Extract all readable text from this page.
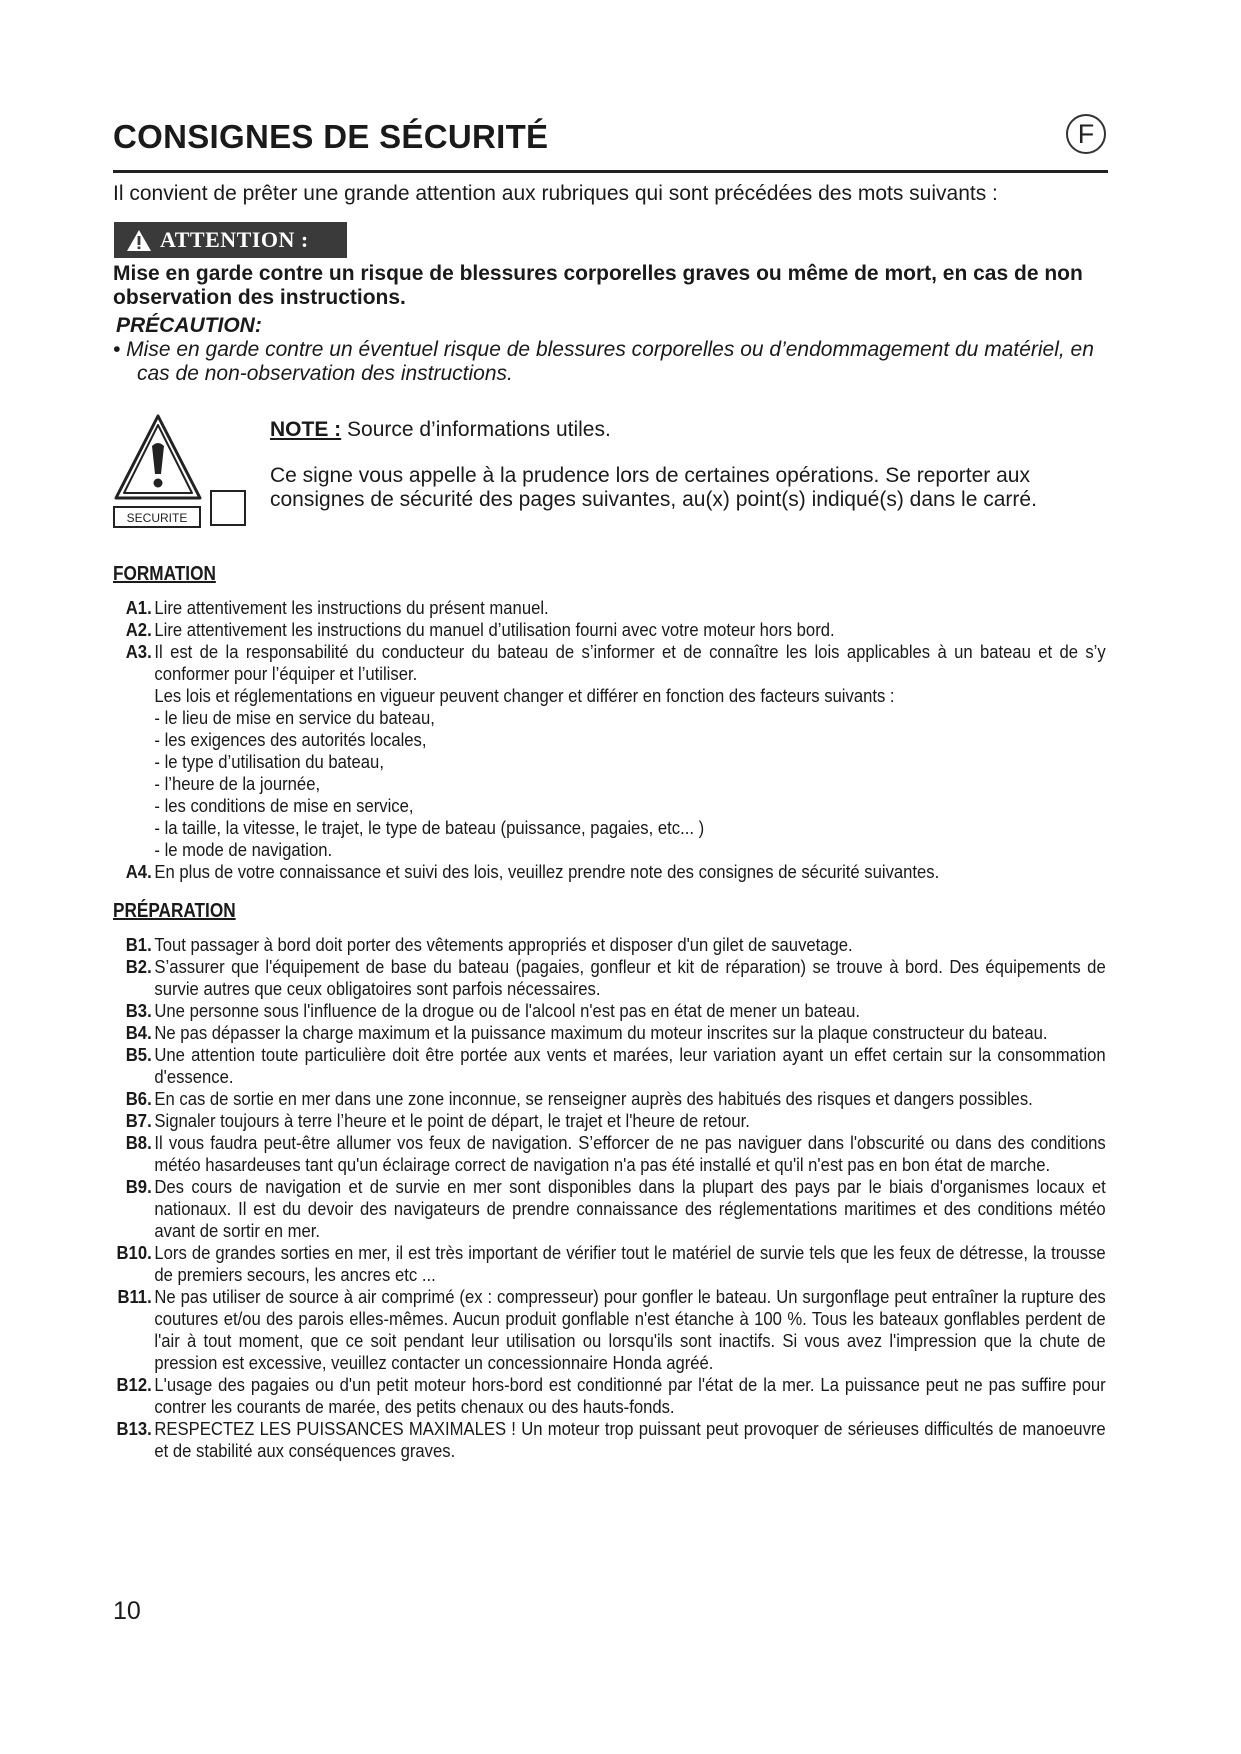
CONSIGNES DE SÉCURITÉ	F
Il convient de prêter une grande attention aux rubriques qui sont précédées des mots suivants :
ATTENTION :
Mise en garde contre un risque de blessures corporelles graves ou même de mort, en cas de non observation des instructions.
PRÉCAUTION:
• Mise en garde contre un éventuel risque de blessures corporelles ou d’endommagement du matériel, en cas de non-observation des instructions.
SECURITE
NOTE : Source d’informations utiles.
Ce signe vous appelle à la prudence lors de certaines opérations. Se reporter aux consignes de sécurité des pages suivantes, au(x) point(s) indiqué(s) dans le carré.
FORMATION
A1. Lire attentivement les instructions du présent manuel.
A2. Lire attentivement les instructions du manuel d’utilisation fourni avec votre moteur hors bord.
A3. Il est de la responsabilité du conducteur du bateau de s’informer et de connaître les lois applicables à un bateau et de s’y conformer pour l’équiper et l’utiliser.
Les lois et réglementations en vigueur peuvent changer et différer en fonction des facteurs suivants :
- le lieu de mise en service du bateau,
- les exigences des autorités locales,
- le type d’utilisation du bateau,
- l’heure de la journée,
- les conditions de mise en service,
- la taille, la vitesse, le trajet, le type de bateau (puissance, pagaies, etc... )
- le mode de navigation.
A4. En plus de votre connaissance et suivi des lois, veuillez prendre note des consignes de sécurité suivantes.
PRÉPARATION
B1. Tout passager à bord doit porter des vêtements appropriés et disposer d'un gilet de sauvetage.
B2. S’assurer que l'équipement de base du bateau (pagaies, gonfleur et kit de réparation) se trouve à bord. Des équipements de survie autres que ceux obligatoires sont parfois nécessaires.
B3. Une personne sous l'influence de la drogue ou de l'alcool n'est pas en état de mener un bateau.
B4. Ne pas dépasser la charge maximum et la puissance maximum du moteur inscrites sur la plaque constructeur du bateau.
B5. Une attention toute particulière doit être portée aux vents et marées, leur variation ayant un effet certain sur la consommation d'essence.
B6. En cas de sortie en mer dans une zone inconnue, se renseigner auprès des habitués des risques et dangers possibles.
B7. Signaler toujours à terre l’heure et le point de départ, le trajet et l'heure de retour.
B8. Il vous faudra peut-être allumer vos feux de navigation. S’efforcer de ne pas naviguer dans l'obscurité ou dans des conditions météo hasardeuses tant qu'un éclairage correct de navigation n'a pas été installé et qu'il n'est pas en bon état de marche.
B9. Des cours de navigation et de survie en mer sont disponibles dans la plupart des pays par le biais d'organismes locaux et nationaux. Il est du devoir des navigateurs de prendre connaissance des réglementations maritimes et des conditions météo avant de sortir en mer.
B10. Lors de grandes sorties en mer, il est très important de vérifier tout le matériel de survie tels que les feux de détresse, la trousse de premiers secours, les ancres etc ...
B11. Ne pas utiliser de source à air comprimé (ex : compresseur) pour gonfler le bateau. Un surgonflage peut entraîner la rupture des coutures et/ou des parois elles-mêmes. Aucun produit gonflable n'est étanche à 100 %. Tous les bateaux gonflables perdent de l'air à tout moment, que ce soit pendant leur utilisation ou lorsqu'ils sont inactifs. Si vous avez l'impression que la chute de pression est excessive, veuillez contacter un concessionnaire Honda agréé.
B12. L'usage des pagaies ou d'un petit moteur hors-bord est conditionné par l'état de la mer. La puissance peut ne pas suffire pour contrer les courants de marée, des petits chenaux ou des hauts-fonds.
B13. RESPECTEZ LES PUISSANCES MAXIMALES ! Un moteur trop puissant peut provoquer de sérieuses difficultés de manoeuvre et de stabilité aux conséquences graves.
10
